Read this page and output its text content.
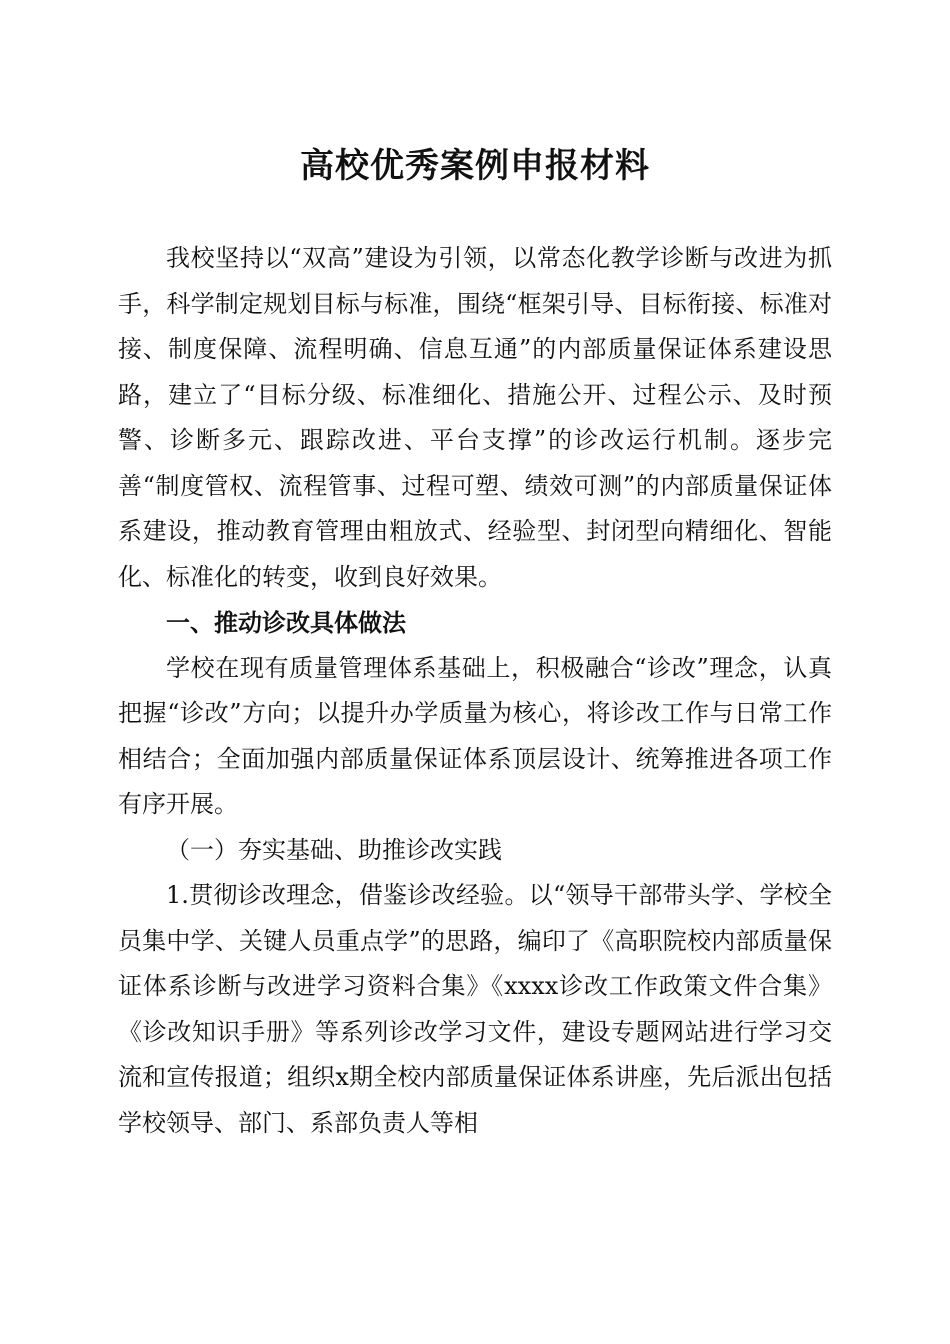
高校优秀案例申报材料

我校坚持以“双高”建设为引领，以常态化教学诊断与改进为抓手，科学制定规划目标与标准，围绕“框架引导、目标衔接、标准对接、制度保障、流程明确、信息互通”的内部质量保证体系建设思路，建立了“目标分级、标准细化、措施公开、过程公示、及时预警、诊断多元、跟踪改进、平台支撑”的诊改运行机制。逐步完善“制度管权、流程管事、过程可塑、绩效可测”的内部质量保证体系建设，推动教育管理由粗放式、经验型、封闭型向精细化、智能化、标准化的转变，收到良好效果。

一、推动诊改具体做法

学校在现有质量管理体系基础上，积极融合“诊改”理念，认真把握“诊改”方向；以提升办学质量为核心，将诊改工作与日常工作相结合；全面加强内部质量保证体系顶层设计、统筹推进各项工作有序开展。

（一）夯实基础、助推诊改实践

1.贯彻诊改理念，借鉴诊改经验。以“领导干部带头学、学校全员集中学、关键人员重点学”的思路，编印了《高职院校内部质量保证体系诊断与改进学习资料合集》《xxxx诊改工作政策文件合集》《诊改知识手册》等系列诊改学习文件，建设专题网站进行学习交流和宣传报道；组织x期全校内部质量保证体系讲座，先后派出包括学校领导、部门、系部负责人等相
